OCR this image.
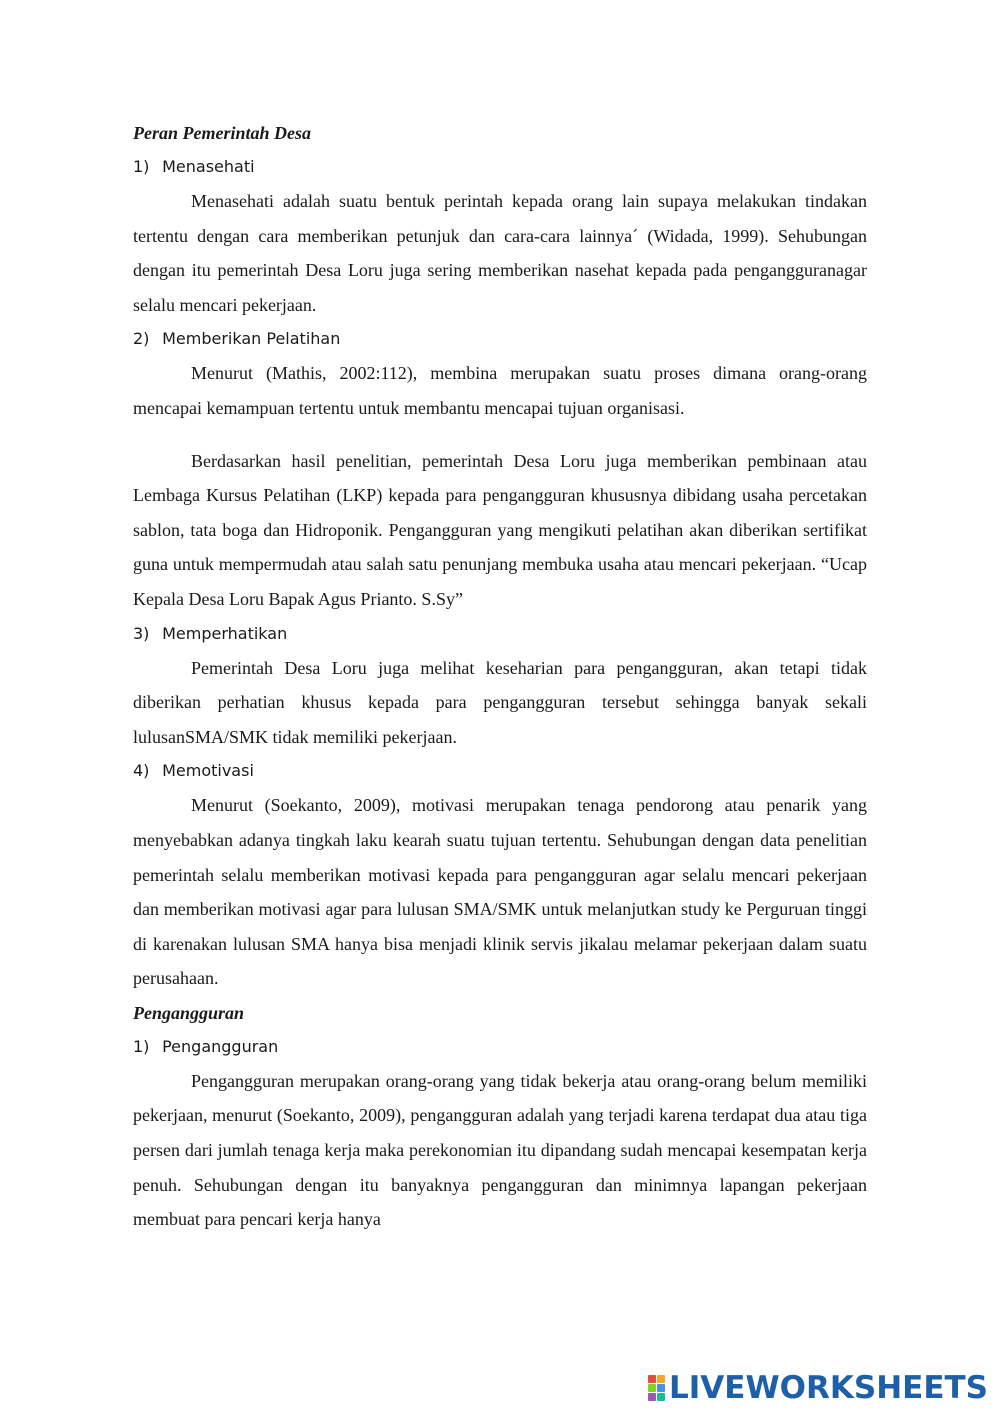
Peran Pemerintah Desa

1) Menasehati

Menasehati adalah suatu bentuk perintah kepada orang lain supaya melakukan tindakan tertentu dengan cara memberikan petunjuk dan cara-cara lainnya´ (Widada, 1999). Sehubungan dengan itu pemerintah Desa Loru juga sering memberikan nasehat kepada pada pengangguranagar selalu mencari pekerjaan.

2) Memberikan Pelatihan

Menurut (Mathis, 2002:112), membina merupakan suatu proses dimana orang-orang mencapai kemampuan tertentu untuk membantu mencapai tujuan organisasi.

Berdasarkan hasil penelitian, pemerintah Desa Loru juga memberikan pembinaan atau Lembaga Kursus Pelatihan (LKP) kepada para pengangguran khususnya dibidang usaha percetakan sablon, tata boga dan Hidroponik. Pengangguran yang mengikuti pelatihan akan diberikan sertifikat guna untuk mempermudah atau salah satu penunjang membuka usaha atau mencari pekerjaan. “Ucap Kepala Desa Loru Bapak Agus Prianto. S.Sy”

3) Memperhatikan

Pemerintah Desa Loru juga melihat keseharian para pengangguran, akan tetapi tidak diberikan perhatian khusus kepada para pengangguran tersebut sehingga banyak sekali lulusanSMA/SMK tidak memiliki pekerjaan.

4) Memotivasi

Menurut (Soekanto, 2009), motivasi merupakan tenaga pendorong atau penarik yang menyebabkan adanya tingkah laku kearah suatu tujuan tertentu. Sehubungan dengan data penelitian pemerintah selalu memberikan motivasi kepada para pengangguran agar selalu mencari pekerjaan dan memberikan motivasi agar para lulusan SMA/SMK untuk melanjutkan study ke Perguruan tinggi di karenakan lulusan SMA hanya bisa menjadi klinik servis jikalau melamar pekerjaan dalam suatu perusahaan.

Pengangguran

1) Pengangguran

Pengangguran merupakan orang-orang yang tidak bekerja atau orang-orang belum memiliki pekerjaan, menurut (Soekanto, 2009), pengangguran adalah yang terjadi karena terdapat dua atau tiga persen dari jumlah tenaga kerja maka perekonomian itu dipandang sudah mencapai kesempatan kerja penuh. Sehubungan dengan itu banyaknya pengangguran dan minimnya lapangan pekerjaan membuat para pencari kerja hanya

LIVEWORKSHEETS
